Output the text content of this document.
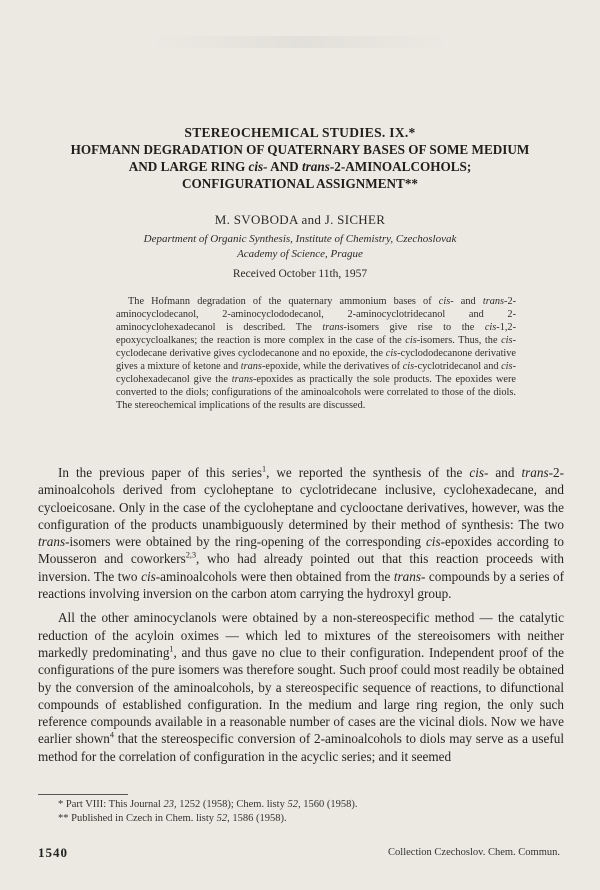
STEREOCHEMICAL STUDIES. IX.*
HOFMANN DEGRADATION OF QUATERNARY BASES OF SOME MEDIUM
AND LARGE RING cis- AND trans-2-AMINOALCOHOLS;
CONFIGURATIONAL ASSIGNMENT**
M. SVOBODA and J. SICHER
Department of Organic Synthesis, Institute of Chemistry, Czechoslovak
Academy of Science, Prague
Received October 11th, 1957
The Hofmann degradation of the quaternary ammonium bases of cis- and trans-2-aminocyclodecanol, 2-aminocyclododecanol, 2-aminocyclotridecanol and 2-aminocyclohexadecanol is described. The trans-isomers give rise to the cis-1,2-epoxycycloalkanes; the reaction is more complex in the case of the cis-isomers. Thus, the cis-cyclodecane derivative gives cyclodecanone and no epoxide, the cis-cyclododecanone derivative gives a mixture of ketone and trans-epoxide, while the derivatives of cis-cyclotridecanol and cis-cyclohexadecanol give the trans-epoxides as practically the sole products. The epoxides were converted to the diols; configurations of the aminoalcohols were correlated to those of the diols. The stereochemical implications of the results are discussed.

In the previous paper of this series$^1$, we reported the synthesis of the cis- and trans-2-aminoalcohols derived from cycloheptane to cyclotridecane inclusive, cyclohexadecane, and cycloeicosane. Only in the case of the cycloheptane and cyclooctane derivatives, however, was the configuration of the products unambiguously determined by their method of synthesis: The two trans-isomers were obtained by the ring-opening of the corresponding cis-epoxides according to Mousseron and coworkers$^{2,3}$, who had already pointed out that this reaction proceeds with inversion. The two cis-aminoalcohols were then obtained from the trans- compounds by a series of reactions involving inversion on the carbon atom carrying the hydroxyl group.

All the other aminocyclanols were obtained by a non-stereospecific method — the catalytic reduction of the acyloin oximes — which led to mixtures of the stereoisomers with neither markedly predominating$^1$, and thus gave no clue to their configuration. Independent proof of the configurations of the pure isomers was therefore sought. Such proof could most readily be obtained by the conversion of the aminoalcohols, by a stereospecific sequence of reactions, to difunctional compounds of established configuration. In the medium and large ring region, the only such reference compounds available in a reasonable number of cases are the vicinal diols. Now we have earlier shown$^4$ that the stereospecific conversion of 2-aminoalcohols to diols may serve as a useful method for the correlation of configuration in the acyclic series; and it seemed

* Part VIII: This Journal 23, 1252 (1958); Chem. listy 52, 1560 (1958).
** Published in Czech in Chem. listy 52, 1586 (1958).
1540	Collection Czechoslov. Chem. Commun.
